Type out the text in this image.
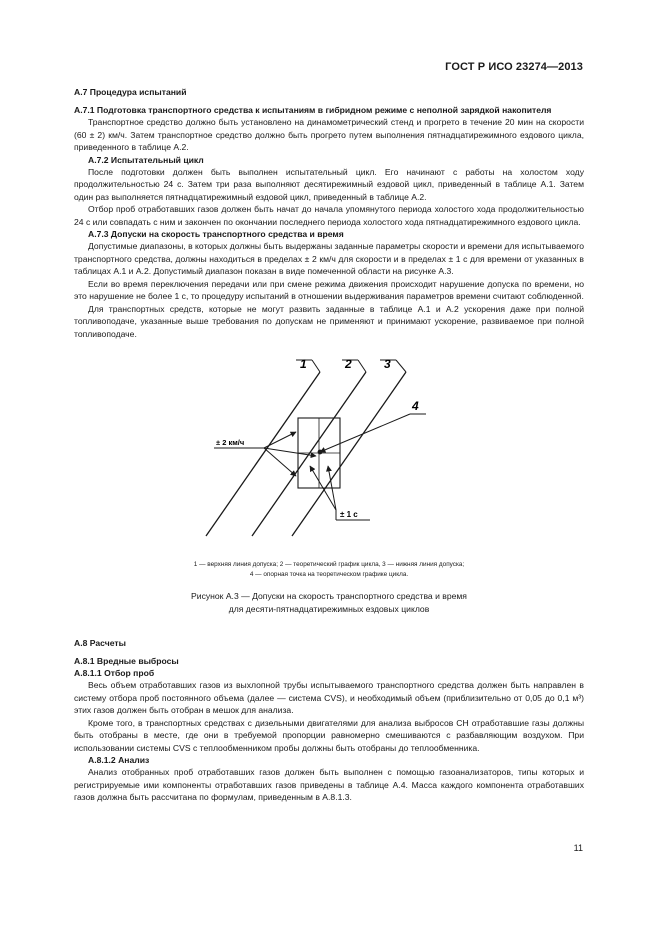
ГОСТ Р ИСО 23274—2013

А.7 Процедура испытаний

А.7.1 Подготовка транспортного средства к испытаниям в гибридном режиме с неполной зарядкой накопителя

Транспортное средство должно быть установлено на динамометрический стенд и прогрето в течение 20 мин на скорости (60 ± 2) км/ч. Затем транспортное средство должно быть прогрето путем выполнения пятнадцатирежимного ездового цикла, приведенного в таблице А.2.

А.7.2 Испытательный цикл

После подготовки должен быть выполнен испытательный цикл. Его начинают с работы на холостом ходу продолжительностью 24 с. Затем три раза выполняют десятирежимный ездовой цикл, приведенный в таблице А.1. Затем один раз выполняется пятнадцатирежимный ездовой цикл, приведенный в таблице А.2.

Отбор проб отработавших газов должен быть начат до начала упомянутого периода холостого хода продолжительностью 24 с или совпадать с ним и закончен по окончании последнего периода холостого хода пятнадцатирежимного ездового цикла.

А.7.3 Допуски на скорость транспортного средства и время

Допустимые диапазоны, в которых должны быть выдержаны заданные параметры скорости и времени для испытываемого транспортного средства, должны находиться в пределах ± 2 км/ч для скорости и в пределах ± 1 с для времени от указанных в таблицах А.1 и А.2. Допустимый диапазон показан в виде помеченной области на рисунке А.3.

Если во время переключения передачи или при смене режима движения происходит нарушение допуска по времени, но это нарушение не более 1 с, то процедуру испытаний в отношении выдерживания параметров времени считают соблюденной.

Для транспортных средств, которые не могут развить заданные в таблице А.1 и А.2 ускорения даже при полной топливоподаче, указанные выше требования по допускам не применяют и принимают ускорение, развиваемое при полной топливоподаче.

1	2	3
4
± 2 км/ч
± 1 с
1 — верхняя линия допуска; 2 — теоретический график цикла, 3 — нижняя линия допуска;
4 — опорная точка на теоретическом графике цикла.
Рисунок А.3 — Допуски на скорость транспортного средства и время
для десяти-пятнадцатирежимных ездовых циклов

А.8 Расчеты

А.8.1 Вредные выбросы

А.8.1.1 Отбор проб

Весь объем отработавших газов из выхлопной трубы испытываемого транспортного средства должен быть направлен в систему отбора проб постоянного объема (далее — система CVS), и необходимый объем (приблизительно от 0,05 до 0,1 м³) этих газов должен быть отобран в мешок для анализа.

Кроме того, в транспортных средствах с дизельными двигателями для анализа выбросов СН отработавшие газы должны быть отобраны в месте, где они в требуемой пропорции равномерно смешиваются с разбавляющим воздухом. При использовании системы CVS с теплообменником пробы должны быть отобраны до теплообменника.

А.8.1.2 Анализ

Анализ отобранных проб отработавших газов должен быть выполнен с помощью газоанализаторов, типы которых и регистрируемые ими компоненты отработавших газов приведены в таблице А.4. Масса каждого компонента отработавших газов должна быть рассчитана по формулам, приведенным в А.8.1.3.

11
